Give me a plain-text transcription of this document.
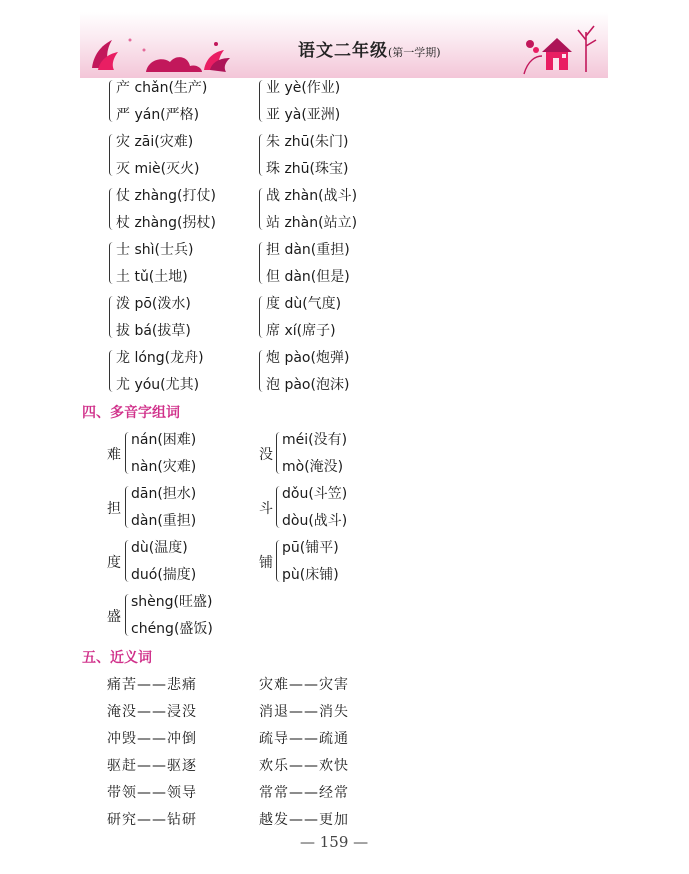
语文二年级(第一学期)
产 chǎn(生产)
严 yán(严格)
业 yè(作业)
亚 yà(亚洲)
灾 zāi(灾难)
灭 miè(灭火)
朱 zhū(朱门)
珠 zhū(珠宝)
仗 zhàng(打仗)
杖 zhàng(拐杖)
战 zhàn(战斗)
站 zhàn(站立)
士 shì(士兵)
土 tǔ(土地)
担 dàn(重担)
但 dàn(但是)
泼 pō(泼水)
拔 bá(拔草)
度 dù(气度)
席 xí(席子)
龙 lóng(龙舟)
尤 yóu(尤其)
炮 pào(炮弹)
泡 pào(泡沫)
四、多音字组词
难
nán(困难)
nàn(灾难)
没
méi(没有)
mò(淹没)
担
dān(担水)
dàn(重担)
斗
dǒu(斗笠)
dòu(战斗)
度
dù(温度)
duó(揣度)
铺
pū(铺平)
pù(床铺)
盛
shèng(旺盛)
chéng(盛饭)
五、近义词
痛苦——悲痛	灾难——灾害
淹没——浸没	消退——消失
冲毁——冲倒	疏导——疏通
驱赶——驱逐	欢乐——欢快
带领——领导	常常——经常
研究——钻研	越发——更加
— 159 —
